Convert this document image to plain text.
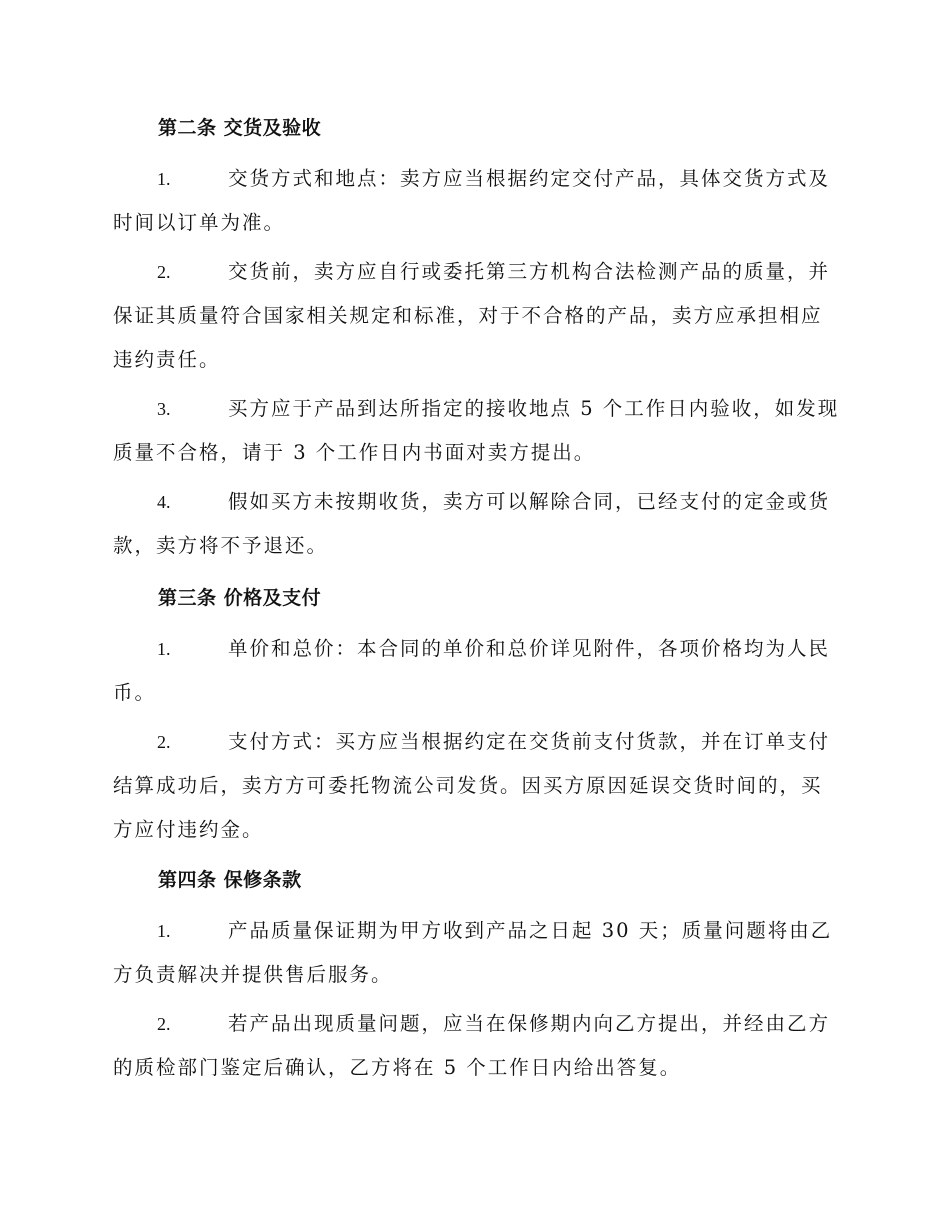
第二条 交货及验收
1.	交货方式和地点：卖方应当根据约定交付产品，具体交货方式及
时间以订单为准。
2.	交货前，卖方应自行或委托第三方机构合法检测产品的质量，并
保证其质量符合国家相关规定和标准，对于不合格的产品，卖方应承担相应
违约责任。
3.	买方应于产品到达所指定的接收地点 5 个工作日内验收，如发现
质量不合格，请于 3 个工作日内书面对卖方提出。
4.	假如买方未按期收货，卖方可以解除合同，已经支付的定金或货
款，卖方将不予退还。
第三条 价格及支付
1.	单价和总价：本合同的单价和总价详见附件，各项价格均为人民
币。
2.	支付方式：买方应当根据约定在交货前支付货款，并在订单支付
结算成功后，卖方方可委托物流公司发货。因买方原因延误交货时间的，买
方应付违约金。
第四条 保修条款
1.	产品质量保证期为甲方收到产品之日起 30 天；质量问题将由乙
方负责解决并提供售后服务。
2.	若产品出现质量问题，应当在保修期内向乙方提出，并经由乙方
的质检部门鉴定后确认，乙方将在 5 个工作日内给出答复。
